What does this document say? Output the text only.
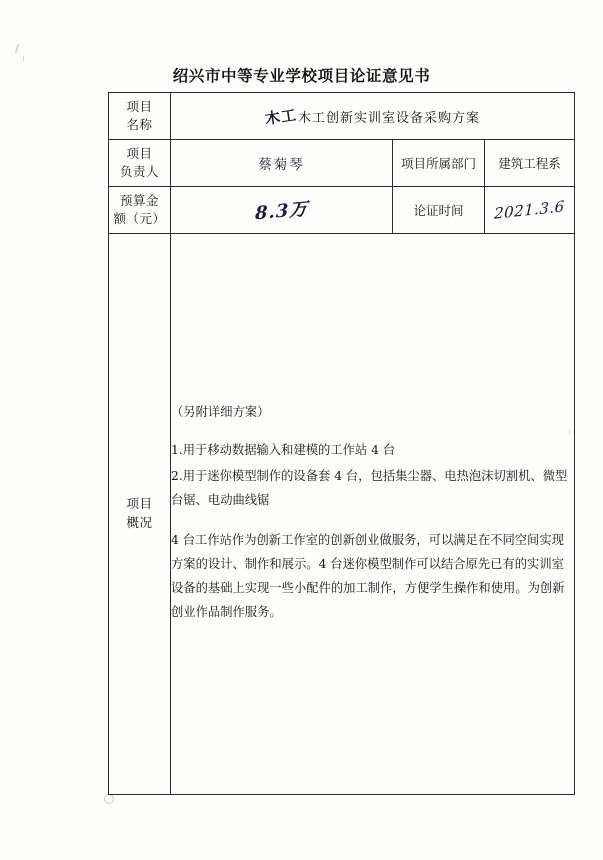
绍兴市中等专业学校项目论证意见书
项目
名称	木工木工创新实训室设备采购方案		
项目
负责人	蔡菊琴	项目所属部门	建筑工程系
预算金
额（元）	8.3万	论证时间	2021.3.6
项目
概况	

（另附详细方案）

1.用于移动数据输入和建模的工作站 4 台

2.用于迷你模型制作的设备套 4 台，包括集尘器、电热泡沫切割机、微型台锯、电动曲线锯

4 台工作站作为创新工作室的创新创业做服务，可以满足在不同空间实现方案的设计、制作和展示。4 台迷你模型制作可以结合原先已有的实训室设备的基础上实现一些小配件的加工制作，方便学生操作和使用。为创新创业作品制作服务。
